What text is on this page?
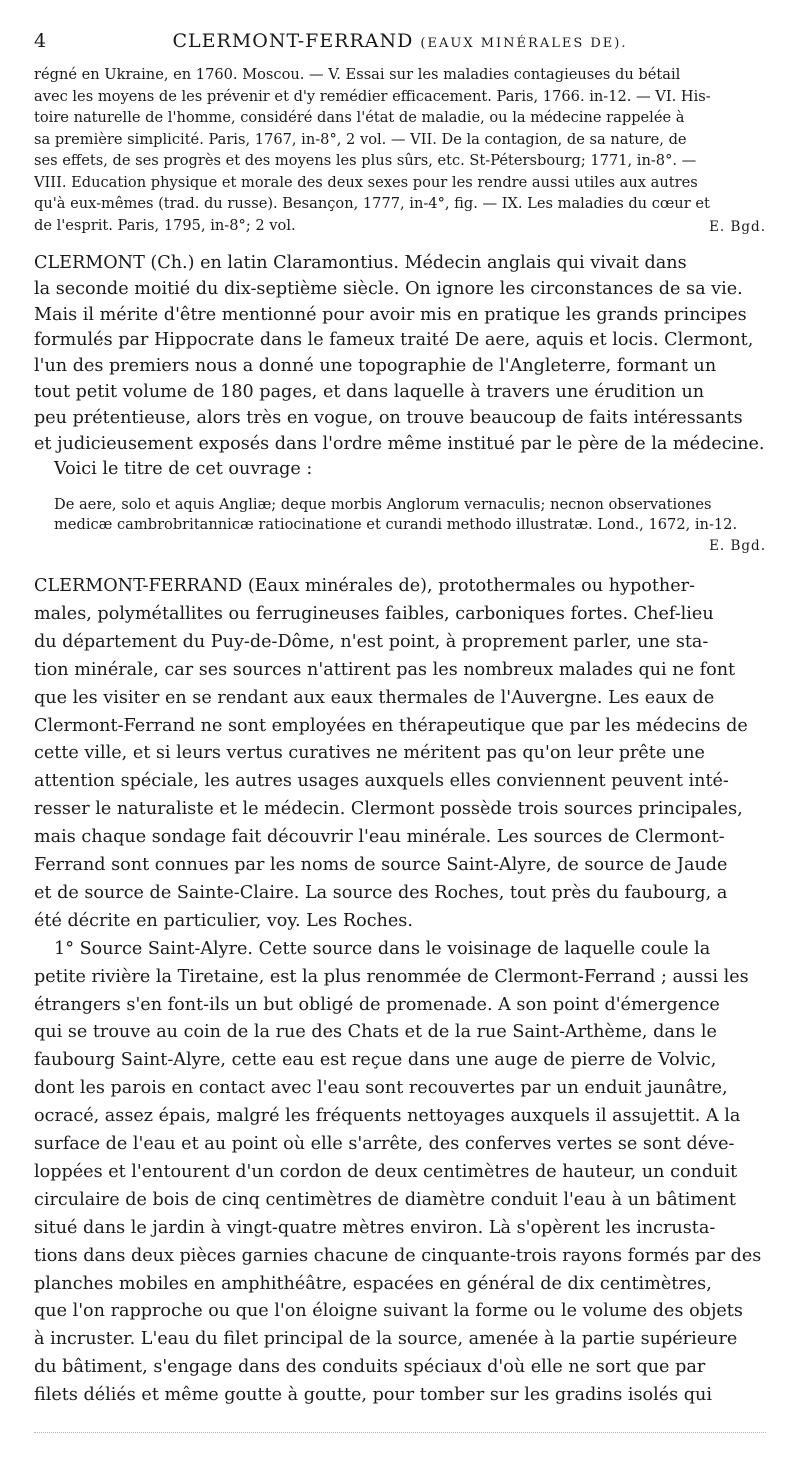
4	CLERMONT-FERRAND (EAUX MINÉRALES DE).
régné en Ukraine, en 1760. Moscou. — V. Essai sur les maladies contagieuses du bétail
avec les moyens de les prévenir et d'y remédier efficacement. Paris, 1766. in-12. — VI. His-
toire naturelle de l'homme, considéré dans l'état de maladie, ou la médecine rappelée à
sa première simplicité. Paris, 1767, in-8°, 2 vol. — VII. De la contagion, de sa nature, de
ses effets, de ses progrès et des moyens les plus sûrs, etc. St-Pétersbourg; 1771, in-8°. —
VIII. Education physique et morale des deux sexes pour les rendre aussi utiles aux autres
qu'à eux-mêmes (trad. du russe). Besançon, 1777, in-4°, fig. — IX. Les maladies du cœur et
de l'esprit. Paris, 1795, in-8°; 2 vol.	E. Bgd.
CLERMONT (Ch.) en latin Claramontius. Médecin anglais qui vivait dans
la seconde moitié du dix-septième siècle. On ignore les circonstances de sa vie.
Mais il mérite d'être mentionné pour avoir mis en pratique les grands principes
formulés par Hippocrate dans le fameux traité De aere, aquis et locis. Clermont,
l'un des premiers nous a donné une topographie de l'Angleterre, formant un
tout petit volume de 180 pages, et dans laquelle à travers une érudition un
peu prétentieuse, alors très en vogue, on trouve beaucoup de faits intéressants
et judicieusement exposés dans l'ordre même institué par le père de la médecine.
Voici le titre de cet ouvrage :
De aere, solo et aquis Angliæ; deque morbis Anglorum vernaculis; necnon observationes
medicæ cambrobritannicæ ratiocinatione et curandi methodo illustratæ. Lond., 1672, in-12.
E. Bgd.
CLERMONT-FERRAND (Eaux minérales de), protothermales ou hypother-
males, polymétallites ou ferrugineuses faibles, carboniques fortes. Chef-lieu
du département du Puy-de-Dôme, n'est point, à proprement parler, une sta-
tion minérale, car ses sources n'attirent pas les nombreux malades qui ne font
que les visiter en se rendant aux eaux thermales de l'Auvergne. Les eaux de
Clermont-Ferrand ne sont employées en thérapeutique que par les médecins de
cette ville, et si leurs vertus curatives ne méritent pas qu'on leur prête une
attention spéciale, les autres usages auxquels elles conviennent peuvent inté-
resser le naturaliste et le médecin. Clermont possède trois sources principales,
mais chaque sondage fait découvrir l'eau minérale. Les sources de Clermont-
Ferrand sont connues par les noms de source Saint-Alyre, de source de Jaude
et de source de Sainte-Claire. La source des Roches, tout près du faubourg, a
été décrite en particulier, voy. Les Roches.
1° Source Saint-Alyre. Cette source dans le voisinage de laquelle coule la
petite rivière la Tiretaine, est la plus renommée de Clermont-Ferrand ; aussi les
étrangers s'en font-ils un but obligé de promenade. A son point d'émergence
qui se trouve au coin de la rue des Chats et de la rue Saint-Arthème, dans le
faubourg Saint-Alyre, cette eau est reçue dans une auge de pierre de Volvic,
dont les parois en contact avec l'eau sont recouvertes par un enduit jaunâtre,
ocracé, assez épais, malgré les fréquents nettoyages auxquels il assujettit. A la
surface de l'eau et au point où elle s'arrête, des conferves vertes se sont déve-
loppées et l'entourent d'un cordon de deux centimètres de hauteur, un conduit
circulaire de bois de cinq centimètres de diamètre conduit l'eau à un bâtiment
situé dans le jardin à vingt-quatre mètres environ. Là s'opèrent les incrusta-
tions dans deux pièces garnies chacune de cinquante-trois rayons formés par des
planches mobiles en amphithéâtre, espacées en général de dix centimètres,
que l'on rapproche ou que l'on éloigne suivant la forme ou le volume des objets
à incruster. L'eau du filet principal de la source, amenée à la partie supérieure
du bâtiment, s'engage dans des conduits spéciaux d'où elle ne sort que par
filets déliés et même goutte à goutte, pour tomber sur les gradins isolés qui
